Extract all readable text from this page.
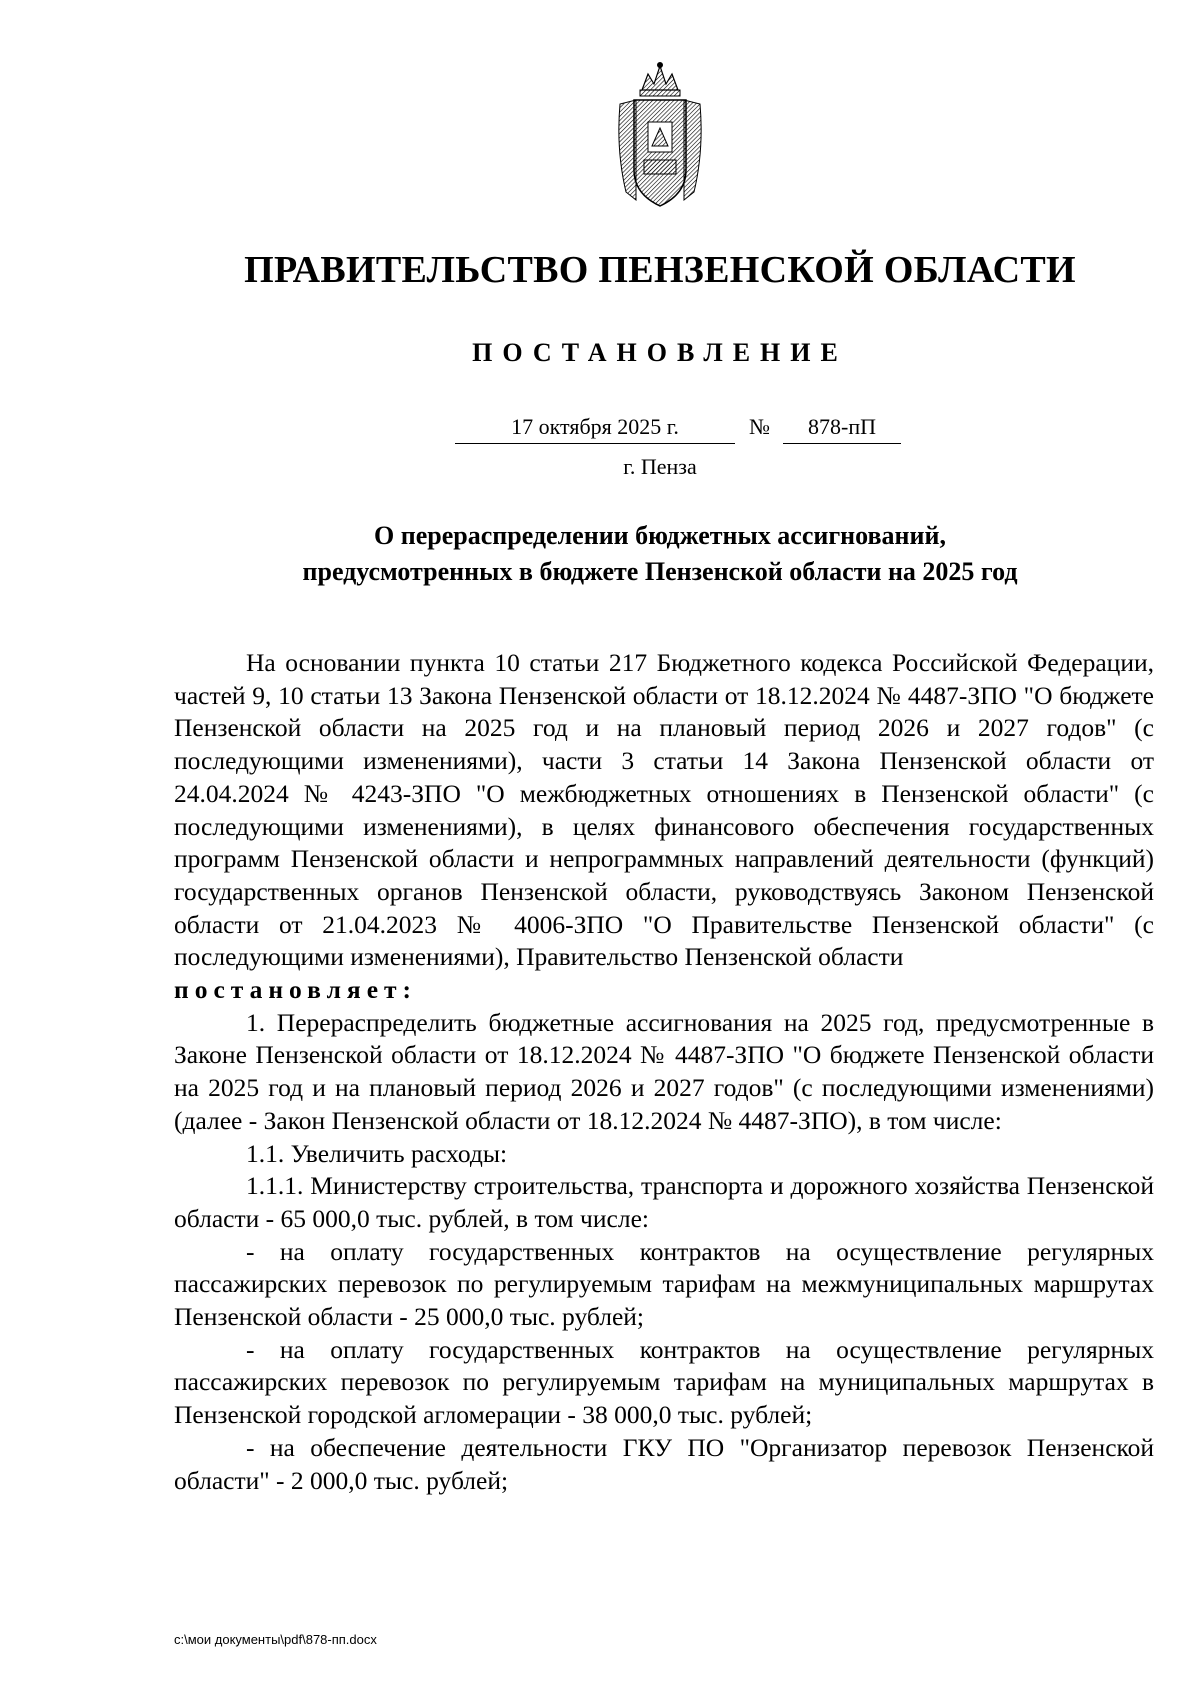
ПРАВИТЕЛЬСТВО ПЕНЗЕНСКОЙ ОБЛАСТИ
ПОСТАНОВЛЕНИЕ
17 октября 2025 г.	№	878-пП
г. Пенза
О перераспределении бюджетных ассигнований,
предусмотренных в бюджете Пензенской области на 2025 год

На основании пункта 10 статьи 217 Бюджетного кодекса Российской Федерации, частей 9, 10 статьи 13 Закона Пензенской области от 18.12.2024 № 4487-ЗПО "О бюджете Пензенской области на 2025 год и на плановый период 2026 и 2027 годов" (с последующими изменениями), части 3 статьи 14 Закона Пензенской области от 24.04.2024 № 4243-ЗПО "О межбюджетных отношениях в Пензенской области" (с последующими изменениями), в целях финансового обеспечения государственных программ Пензенской области и непрограммных направлений деятельности (функций) государственных органов Пензенской области, руководствуясь Законом Пензенской области от 21.04.2023 № 4006-ЗПО "О Правительстве Пензенской области" (с последующими изменениями), Правительство Пензенской области

постановляет:

1. Перераспределить бюджетные ассигнования на 2025 год, предусмотренные в Законе Пензенской области от 18.12.2024 № 4487-ЗПО "О бюджете Пензенской области на 2025 год и на плановый период 2026 и 2027 годов" (с последующими изменениями) (далее - Закон Пензенской области от 18.12.2024 № 4487-ЗПО), в том числе:

1.1. Увеличить расходы:

1.1.1. Министерству строительства, транспорта и дорожного хозяйства Пензенской области - 65 000,0 тыс. рублей, в том числе:

- на оплату государственных контрактов на осуществление регулярных пассажирских перевозок по регулируемым тарифам на межмуниципальных маршрутах Пензенской области - 25 000,0 тыс. рублей;

- на оплату государственных контрактов на осуществление регулярных пассажирских перевозок по регулируемым тарифам на муниципальных маршрутах в Пензенской городской агломерации - 38 000,0 тыс. рублей;

- на обеспечение деятельности ГКУ ПО "Организатор перевозок Пензенской области" - 2 000,0 тыс. рублей;

c:\мои документы\pdf\878-пп.docx
